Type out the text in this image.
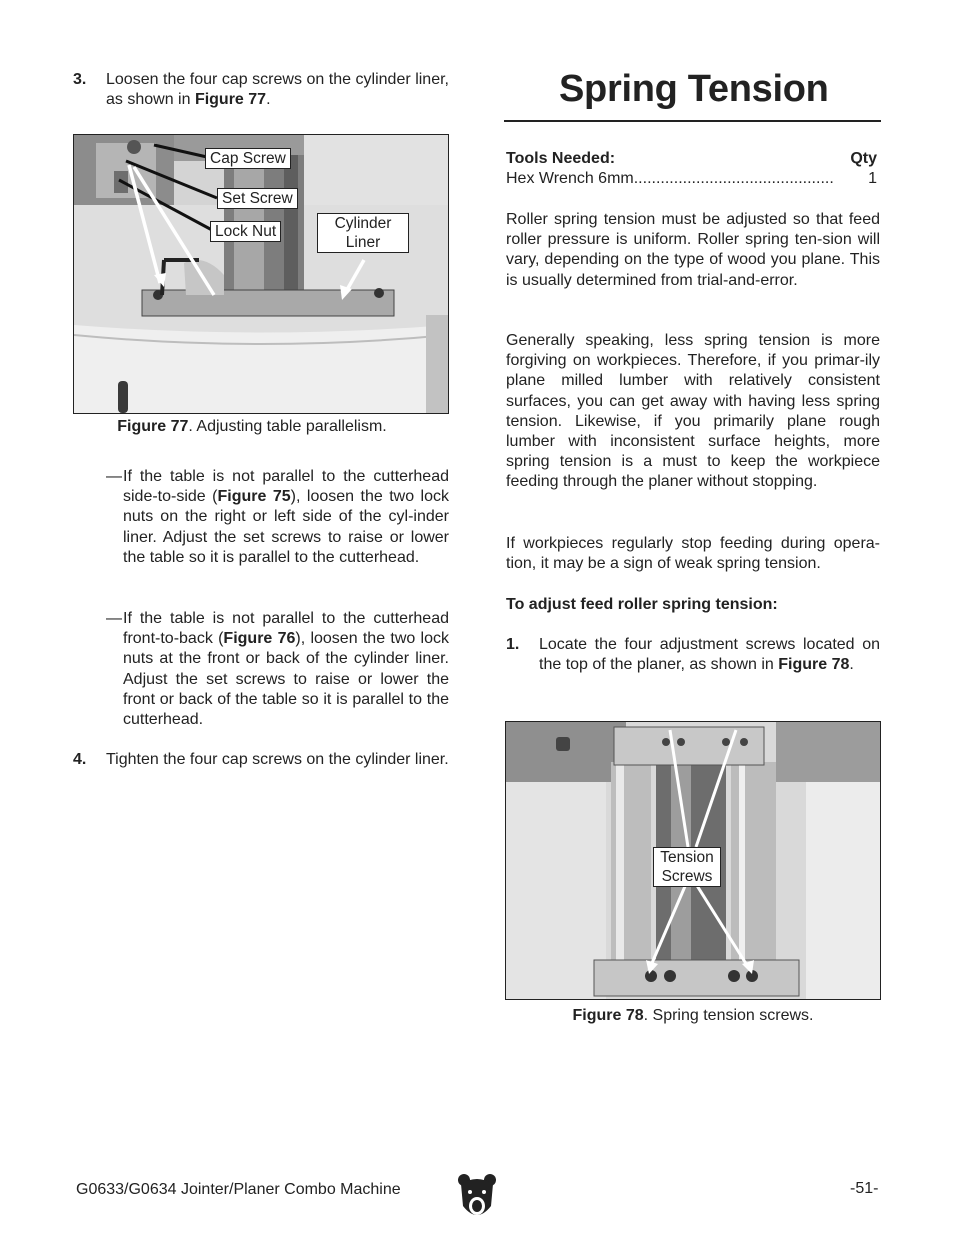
3. Loosen the four cap screws on the cylinder liner, as shown in Figure 77.

Cap Screw
Set Screw
Lock Nut	Cylinder Liner
Figure 77. Adjusting table parallelism.

— If the table is not parallel to the cutterhead side-to-side (Figure 75), loosen the two lock nuts on the right or left side of the cyl-inder liner. Adjust the set screws to raise or lower the table so it is parallel to the cutterhead.

— If the table is not parallel to the cutterhead front-to-back (Figure 76), loosen the two lock nuts at the front or back of the cylinder liner. Adjust the set screws to raise or lower the front or back of the table so it is parallel to the cutterhead.

4. Tighten the four cap screws on the cylinder liner.

Spring Tension
Tools Needed:	Qty
Hex Wrench 6mm.............................................	1

Roller spring tension must be adjusted so that feed roller pressure is uniform. Roller spring ten-sion will vary, depending on the type of wood you plane. This is usually determined from trial-and-error.

Generally speaking, less spring tension is more forgiving on workpieces. Therefore, if you primar-ily plane milled lumber with relatively consistent surfaces, you can get away with having less spring tension. Likewise, if you primarily plane rough lumber with inconsistent surface heights, more spring tension is a must to keep the workpiece feeding through the planer without stopping.

If workpieces regularly stop feeding during opera-tion, it may be a sign of weak spring tension.

To adjust feed roller spring tension:

1. Locate the four adjustment screws located on the top of the planer, as shown in Figure 78.

Tension Screws
Figure 78. Spring tension screws.
G0633/G0634 Jointer/Planer Combo Machine	-51-
